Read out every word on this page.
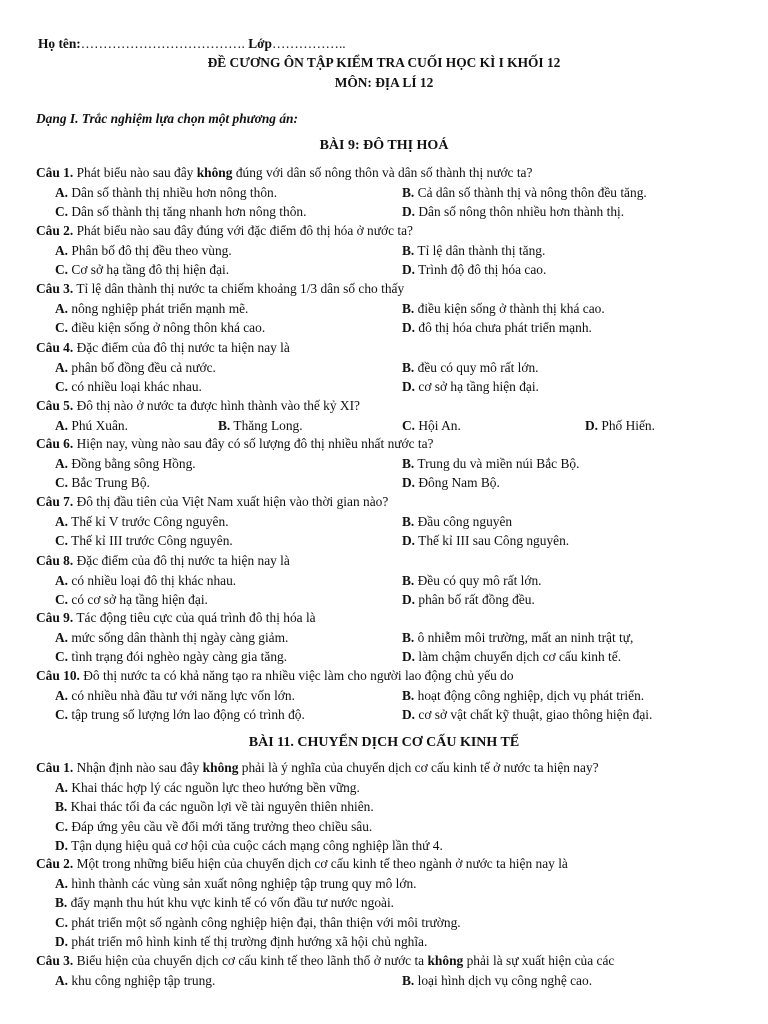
Họ tên:………………………………. Lớp……………..
ĐỀ CƯƠNG ÔN TẬP KIỂM TRA CUỐI HỌC KÌ I KHỐI 12
MÔN: ĐỊA LÍ 12
Dạng I. Trắc nghiệm lựa chọn một phương án:
BÀI 9: ĐÔ THỊ HOÁ
Câu 1. Phát biểu nào sau đây không đúng với dân số nông thôn và dân số thành thị nước ta?
A. Dân số thành thị nhiều hơn nông thôn.	B. Cả dân số thành thị và nông thôn đều tăng.
C. Dân số thành thị tăng nhanh hơn nông thôn.	D. Dân số nông thôn nhiều hơn thành thị.
Câu 2. Phát biểu nào sau đây đúng với đặc điểm đô thị hóa ở nước ta?
A. Phân bố đô thị đều theo vùng.	B. Tỉ lệ dân thành thị tăng.
C. Cơ sở hạ tầng đô thị hiện đại.	D. Trình độ đô thị hóa cao.
Câu 3. Tỉ lệ dân thành thị nước ta chiếm khoảng 1/3 dân số cho thấy
A. nông nghiệp phát triển mạnh mẽ.	B. điều kiện sống ở thành thị khá cao.
C. điều kiện sống ở nông thôn khá cao.	D. đô thị hóa chưa phát triển mạnh.
Câu 4. Đặc điểm của đô thị nước ta hiện nay là
A. phân bố đồng đều cả nước.	B. đều có quy mô rất lớn.
C. có nhiều loại khác nhau.	D. cơ sở hạ tầng hiện đại.
Câu 5. Đô thị nào ở nước ta được hình thành vào thế kỷ XI?
A. Phú Xuân.	B. Thăng Long.	C. Hội An.	D. Phố Hiến.
Câu 6. Hiện nay, vùng nào sau đây có số lượng đô thị nhiều nhất nước ta?
A. Đồng bằng sông Hồng.	B. Trung du và miền núi Bắc Bộ.
C. Bắc Trung Bộ.	D. Đông Nam Bộ.
Câu 7. Đô thị đầu tiên của Việt Nam xuất hiện vào thời gian nào?
A. Thế kỉ V trước Công nguyên.	B. Đầu công nguyên
C. Thế kỉ III trước Công nguyên.	D. Thế kỉ III sau Công nguyên.
Câu 8. Đặc điểm của đô thị nước ta hiện nay là
A. có nhiều loại đô thị khác nhau.	B. Đều có quy mô rất lớn.
C. có cơ sở hạ tầng hiện đại.	D. phân bố rất đồng đều.
Câu 9. Tác động tiêu cực của quá trình đô thị hóa là
A. mức sống dân thành thị ngày càng giảm.	B. ô nhiễm môi trường, mất an ninh trật tự,
C. tình trạng đói nghèo ngày càng gia tăng.	D. làm chậm chuyển dịch cơ cấu kinh tế.
Câu 10. Đô thị nước ta có khả năng tạo ra nhiều việc làm cho người lao động chủ yếu do
A. có nhiều nhà đầu tư với năng lực vốn lớn.	B. hoạt động công nghiệp, dịch vụ phát triển.
C. tập trung số lượng lớn lao động có trình độ.	D. cơ sở vật chất kỹ thuật, giao thông hiện đại.
BÀI 11. CHUYỂN DỊCH CƠ CẤU KINH TẾ
Câu 1. Nhận định nào sau đây không phải là ý nghĩa của chuyển dịch cơ cấu kinh tế ở nước ta hiện nay?
A. Khai thác hợp lý các nguồn lực theo hướng bền vững.
B. Khai thác tối đa các nguồn lợi về tài nguyên thiên nhiên.
C. Đáp ứng yêu cầu về đổi mới tăng trưởng theo chiều sâu.
D. Tận dụng hiệu quả cơ hội của cuộc cách mạng công nghiệp lần thứ 4.
Câu 2. Một trong những biểu hiện của chuyển dịch cơ cấu kinh tế theo ngành ở nước ta hiện nay là
A. hình thành các vùng sản xuất nông nghiệp tập trung quy mô lớn.
B. đẩy mạnh thu hút khu vực kinh tế có vốn đầu tư nước ngoài.
C. phát triển một số ngành công nghiệp hiện đại, thân thiện với môi trường.
D. phát triển mô hình kinh tế thị trường định hướng xã hội chủ nghĩa.
Câu 3. Biểu hiện của chuyển dịch cơ cấu kinh tế theo lãnh thổ ở nước ta không phải là sự xuất hiện của các
A. khu công nghiệp tập trung.	B. loại hình dịch vụ công nghệ cao.
